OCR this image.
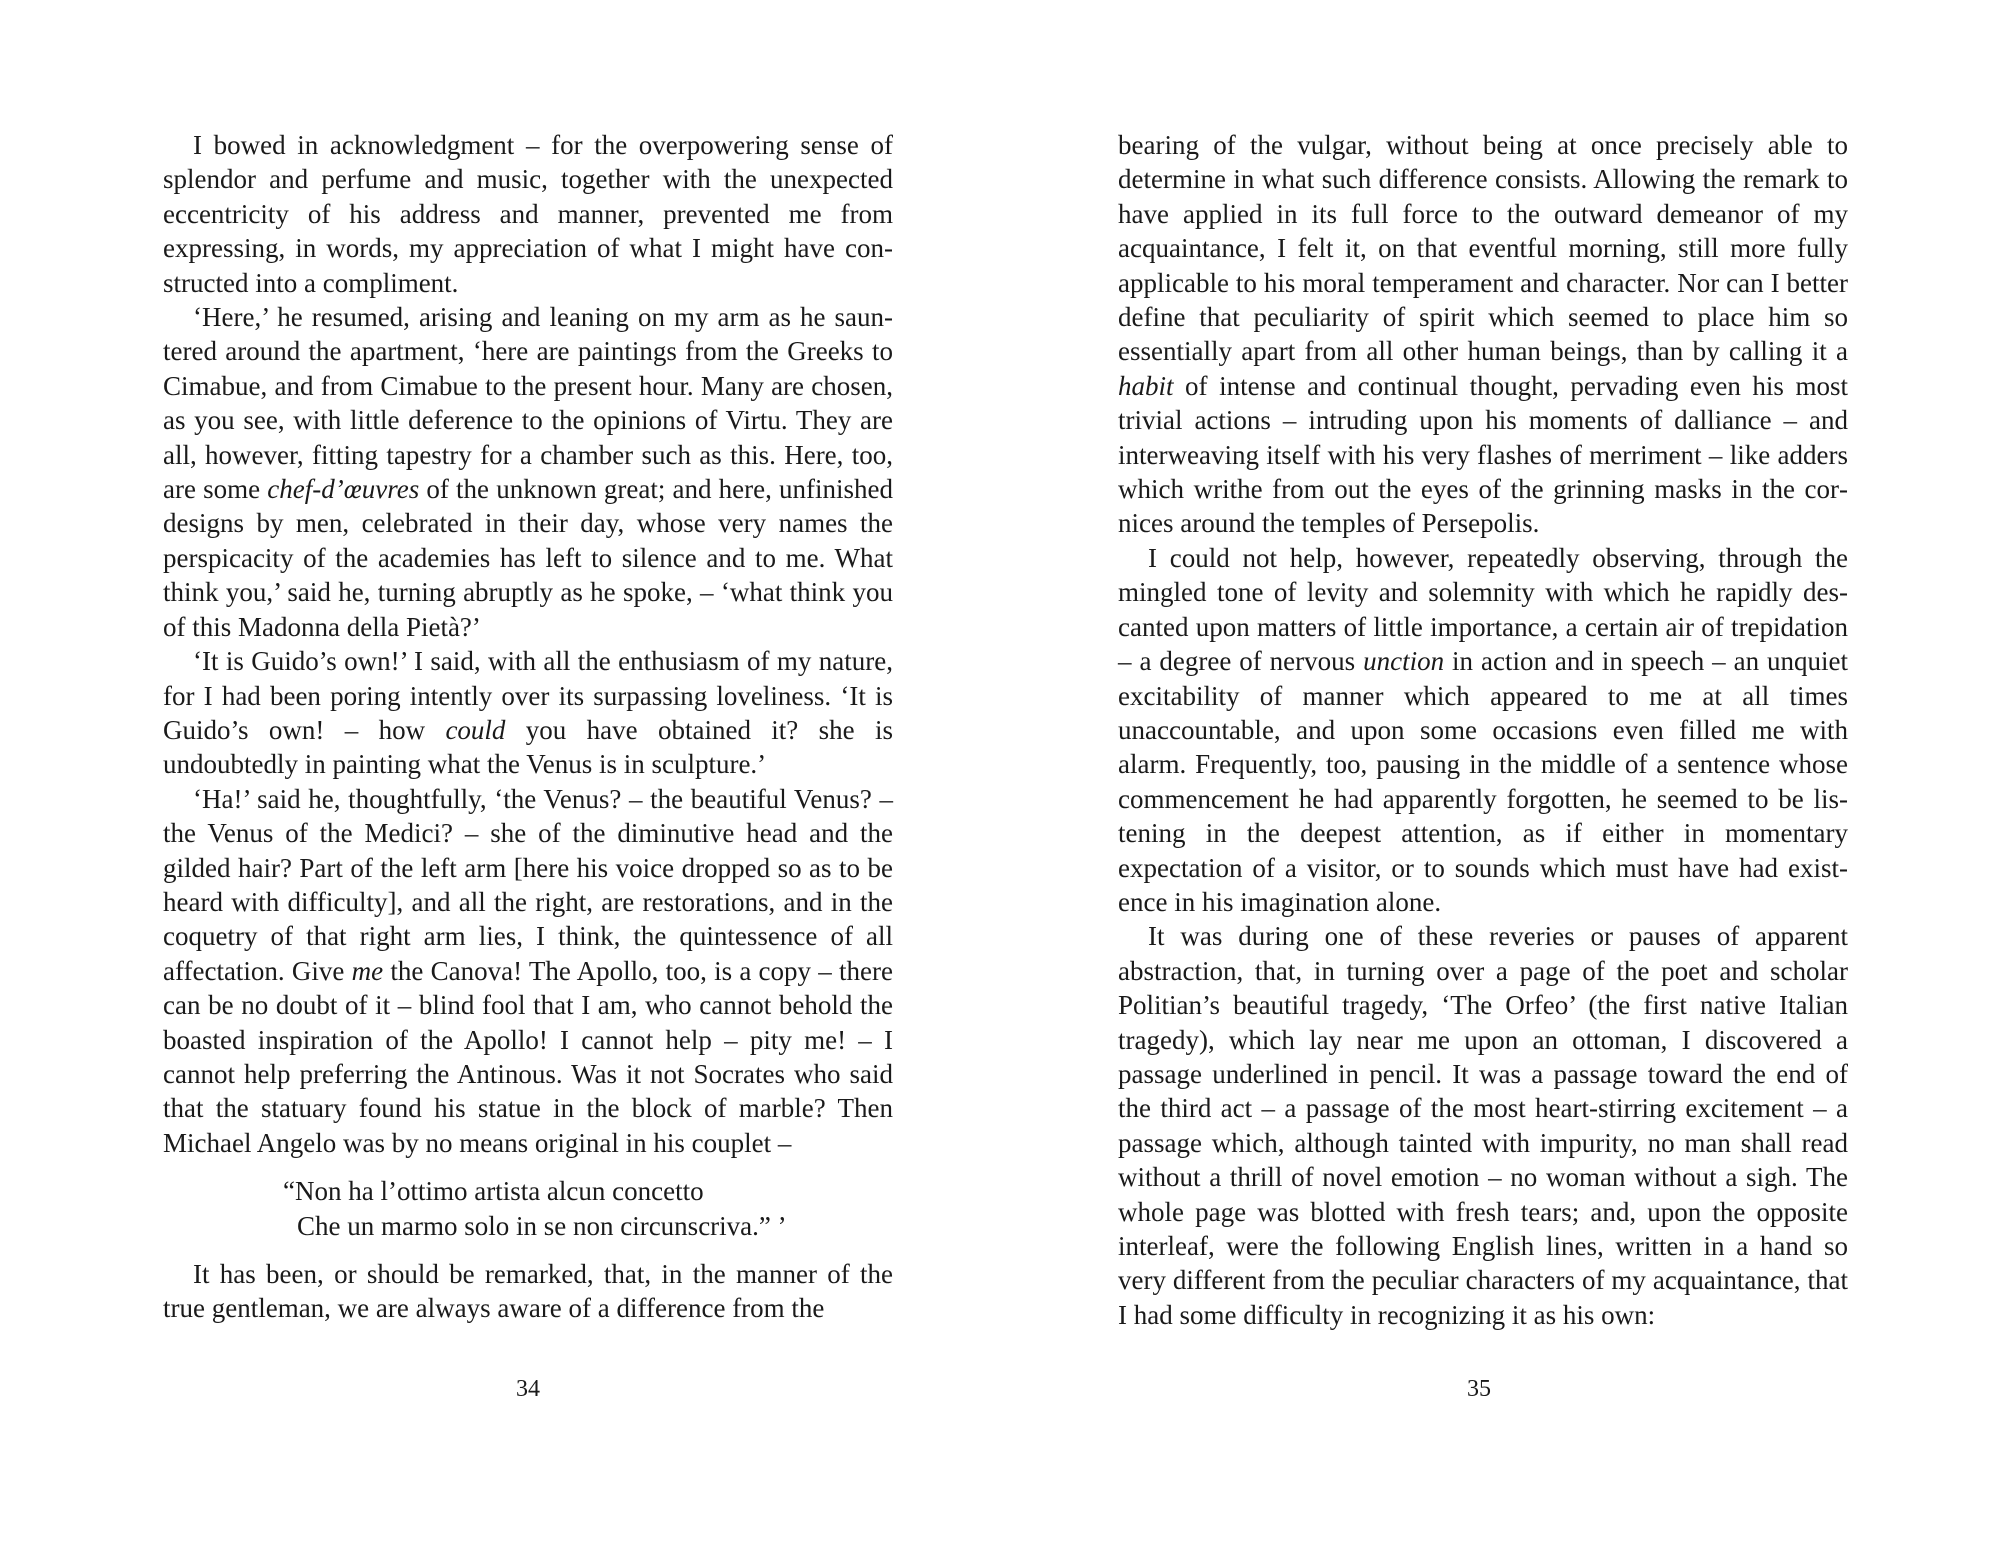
I bowed in acknowledgment – for the overpowering sense of splendor and perfume and music, together with the unexpected eccentricity of his address and manner, prevented me from expressing, in words, my appreciation of what I might have constructed into a compliment.

‘Here,’ he resumed, arising and leaning on my arm as he sauntered around the apartment, ‘here are paintings from the Greeks to Cimabue, and from Cimabue to the present hour. Many are chosen, as you see, with little deference to the opinions of Virtu. They are all, however, fitting tapestry for a chamber such as this. Here, too, are some chef-d’œuvres of the unknown great; and here, unfinished designs by men, celebrated in their day, whose very names the perspicacity of the academies has left to silence and to me. What think you,’ said he, turning abruptly as he spoke, – ‘what think you of this Madonna della Pietà?’

‘It is Guido’s own!’ I said, with all the enthusiasm of my nature, for I had been poring intently over its surpassing loveliness. ‘It is Guido’s own! – how could you have obtained it? she is undoubtedly in painting what the Venus is in sculpture.’

‘Ha!’ said he, thoughtfully, ‘the Venus? – the beautiful Venus? – the Venus of the Medici? – she of the diminutive head and the gilded hair? Part of the left arm [here his voice dropped so as to be heard with difficulty], and all the right, are restorations, and in the coquetry of that right arm lies, I think, the quintessence of all affectation. Give me the Canova! The Apollo, too, is a copy – there can be no doubt of it – blind fool that I am, who cannot behold the boasted inspiration of the Apollo! I cannot help – pity me! – I cannot help preferring the Antinous. Was it not Socrates who said that the statuary found his statue in the block of marble? Then Michael Angelo was by no means original in his couplet –

“Non ha l’ottimo artista alcun concetto
Che un marmo solo in se non circunscriva.” ’

It has been, or should be remarked, that, in the manner of the true gentleman, we are always aware of a difference from the

34

bearing of the vulgar, without being at once precisely able to determine in what such difference consists. Allowing the remark to have applied in its full force to the outward demeanor of my acquaintance, I felt it, on that eventful morning, still more fully applicable to his moral temperament and character. Nor can I better define that peculiarity of spirit which seemed to place him so essentially apart from all other human beings, than by calling it a habit of intense and continual thought, pervading even his most trivial actions – intruding upon his moments of dalliance – and interweaving itself with his very flashes of merriment – like adders which writhe from out the eyes of the grinning masks in the cornices around the temples of Persepolis.

I could not help, however, repeatedly observing, through the mingled tone of levity and solemnity with which he rapidly descanted upon matters of little importance, a certain air of trepidation – a degree of nervous unction in action and in speech – an unquiet excitability of manner which appeared to me at all times unaccountable, and upon some occasions even filled me with alarm. Frequently, too, pausing in the middle of a sentence whose commencement he had apparently forgotten, he seemed to be listening in the deepest attention, as if either in momentary expectation of a visitor, or to sounds which must have had existence in his imagination alone.

It was during one of these reveries or pauses of apparent abstraction, that, in turning over a page of the poet and scholar Politian’s beautiful tragedy, ‘The Orfeo’ (the first native Italian tragedy), which lay near me upon an ottoman, I discovered a passage underlined in pencil. It was a passage toward the end of the third act – a passage of the most heart-stirring excitement – a passage which, although tainted with impurity, no man shall read without a thrill of novel emotion – no woman without a sigh. The whole page was blotted with fresh tears; and, upon the opposite interleaf, were the following English lines, written in a hand so very different from the peculiar characters of my acquaintance, that I had some difficulty in recognizing it as his own:

35
